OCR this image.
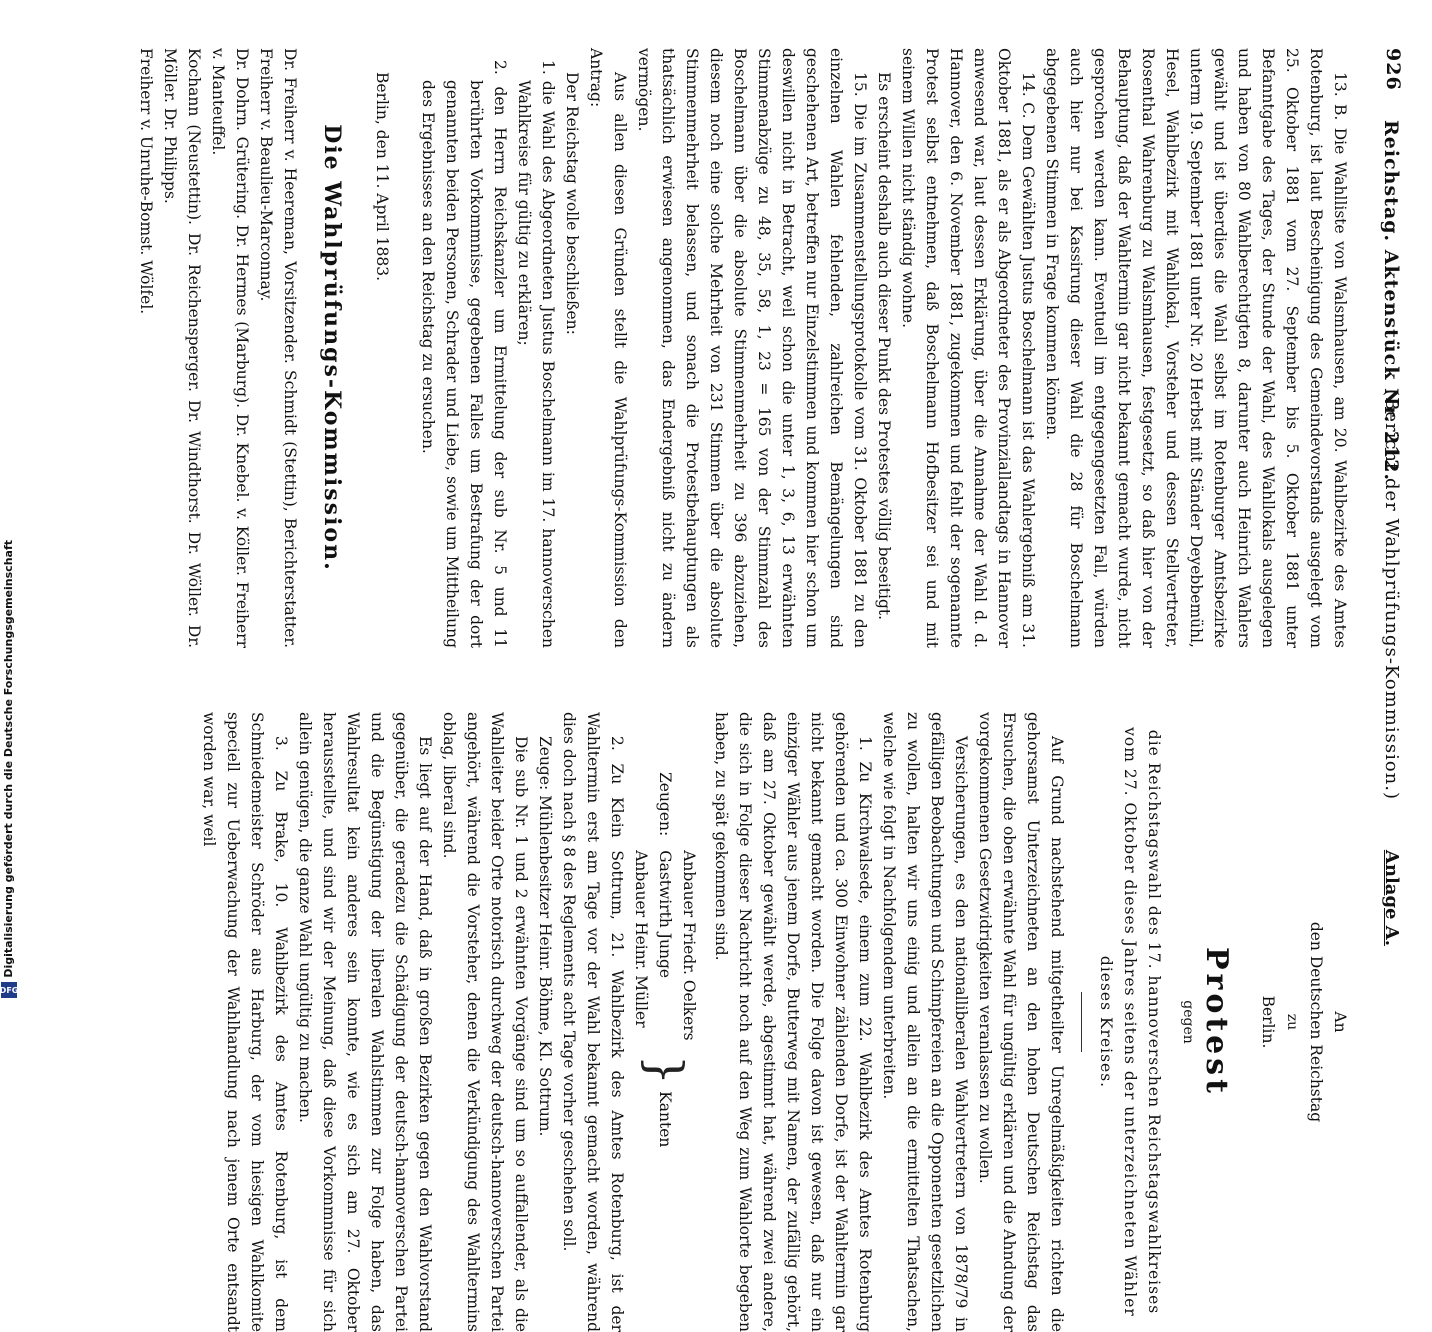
926
Reichstag. Aktenstück Nr. 212.
(Bericht der Wahlprüfungs-Kommission.)
Anlage A.

13. B. Die Wahlliste von Walsmhausen, am 20. Wahlbezirke des Amtes Rotenburg, ist laut Bescheinigung des Gemeindevorstands ausgelegt vom 25. Oktober 1881 vom 27. September bis 5. Oktober 1881 unter Befanntgabe des Tages, der Stunde der Wahl, des Wahllokals ausgelegen und haben von 80 Wahlberechtigten 8, darunter auch Heinrich Wahlers gewählt und ist überdies die Wahl selbst im Rotenburger Amtsbezirke unterm 19. September 1881 unter Nr. 20 Herbst mit Ständer Deyebbemühl, Hesel, Wahlbezirk mit Wahllokal, Vorsteher und dessen Stellvertreter, Rosenthal Wahrenburg zu Walsmhausen, festgesetzt, so daß hier von der Behauptung, daß der Wahltermin gar nicht bekannt gemacht wurde, nicht gesprochen werden kann. Eventuell im entgegengesetzten Fall, würden auch hier nur bei Kassirung dieser Wahl die 28 für Boschelmann abgegebenen Stimmen in Frage kommen können.

14. C. Dem Gewählten Justus Boschelmann ist das Wahlergebniß am 31. Oktober 1881, als er als Abgeordneter des Provinziallandtags in Hannover anwesend war, laut dessen Erklärung, über die Annahme der Wahl d. d. Hannover, den 6. November 1881, zugekommen und fehlt der sogenannte Protest selbst entnehmen, daß Boschelmann Hofbesitzer sei und mit seinem Willen nicht ständig wohne.

Es erscheint deshalb auch dieser Punkt des Protestes völlig beseitigt.

15. Die im Zusammenstellungsprotokolle vom 31. Oktober 1881 zu den einzelnen Wahlen fehlenden, zahlreichen Bemängelungen sind geschehenen Art, betreffen nur Einzelstimmen und kommen hier schon um deswillen nicht in Betracht, weil schon die unter 1, 3, 6, 13 erwähnten Stimmenabzüge zu 48, 35, 58, 1, 23 = 165 von der Stimmzahl des Boschelmann über die absolute Stimmenmehrheit zu 396 abzuziehen, diesem noch eine solche Mehrheit von 231 Stimmen über die absolute Stimmenmehrheit belassen, und sonach die Protestbehauptungen als thatsächlich erwiesen angenommen, das Endergebniß nicht zu ändern vermögen.

Aus allen diesen Gründen stellt die Wahlprüfungs-Kommission den Antrag:

Der Reichstag wolle beschließen:

1. die Wahl des Abgeordneten Justus Boschelmann im 17. hannoverschen Wahlkreise für gültig zu erklären;

2. den Herrn Reichskanzler um Ermittelung der sub Nr. 5 und 11 berührten Vorkommnisse, gegebenen Falles um Bestrafung der dort genannten beiden Personen, Schrader und Liebe, sowie um Mittheilung des Ergebnisses an den Reichstag zu ersuchen.

Berlin, den 11. April 1883.

Die Wahlprüfungs-Kommission.

Dr. Freiherr v. Heereman, Vorsitzender. Schmidt (Stettin), Berichterstatter. Freiherr v. Beaulieu-Marconnay.

Dr. Dohrn. Grütering. Dr. Hermes (Marburg). Dr. Knebel. v. Köller. Freiherr v. Manteuffel.

Kochann (Neustettin). Dr. Reichensperger. Dr. Windthorst. Dr. Wöller. Dr. Möller. Dr. Philipps.

Freiherr v. Unruhe-Bomst. Wölfel.

An

den Deutschen Reichstag

zu

Berlin.

Protest

gegen

die Reichstagswahl des 17. hannoverschen Reichstagswahlkreises vom 27. Oktober dieses Jahres seitens der unterzeichneten Wähler dieses Kreises.

Auf Grund nachstehend mitgetheilter Unregelmäßigkeiten richten die gehorsamst Unterzeichneten an den hohen Deutschen Reichstag das Ersuchen, die oben erwähnte Wahl für ungültig erklären und die Ahndung der vorgekommenen Gesetzwidrigkeiten veranlassen zu wollen.

Versicherungen, es den nationalliberalen Wahlvertretern von 1878/79 in gefälligen Beobachtungen und Schimpfereien an die Opponenten gesetzlichen zu wollen, halten wir uns einig und allein an die ermittelten Thatsachen, welche wie folgt in Nachfolgendem unterbreiten.

1. Zu Kirchwalsede, einem zum 22. Wahlbezirk des Amtes Rotenburg gehörenden und ca. 300 Einwohner zählenden Dorfe, ist der Wahltermin gar nicht bekannt gemacht worden. Die Folge davon ist gewesen, daß nur ein einziger Wähler aus jenem Dorfe, Butterweg mit Namen, der zufällig gehört, daß am 27. Oktober gewählt werde, abgestimmt hat, während zwei andere, die sich in Folge dieser Nachricht noch auf den Weg zum Wahlorte begeben haben, zu spät gekommen sind.

Zeugen:
Anbauer Friedr. Oelkers
Gastwirth Junge
Anbauer Heinr. Müller
}
Kanten

2. Zu Klein Sottrum, 21. Wahlbezirk des Amtes Rotenburg, ist der Wahltermin erst am Tage vor der Wahl bekannt gemacht worden, während dies doch nach § 8 des Reglements acht Tage vorher geschehen soll.

Zeuge: Mühlenbesitzer Heinr. Böhme, Kl. Sottrum.

Die sub Nr. 1 und 2 erwähnten Vorgänge sind um so auffallender, als die Wahlleiter beider Orte notorisch durchweg der deutsch-hannoverschen Partei angehört, während die Vorsteher, denen die Verkündigung des Wahltermins oblag, liberal sind.

Es liegt auf der Hand, daß in großen Bezirken gegen den Wahlvorstand gegenüber, die geradezu die Schädigung der deutsch-hannoverschen Partei und die Begünstigung der liberalen Wahlstimmen zur Folge haben, das Wahlresultat kein anderes sein konnte, wie es sich am 27. Oktober herausstellte, und sind wir der Meinung, daß diese Vorkommnisse für sich allein genügen, die ganze Wahl ungültig zu machen.

3. Zu Brake, 10. Wahlbezirk des Amtes Rotenburg, ist dem Schmiedemeister Schröder aus Harburg, der vom hiesigen Wahlkomite speciell zur Ueberwachung der Wahlhandlung nach jenem Orte entsandt worden war, weil

Digitalisierung gefördert durch die Deutsche Forschungsgemeinschaft
DFG
